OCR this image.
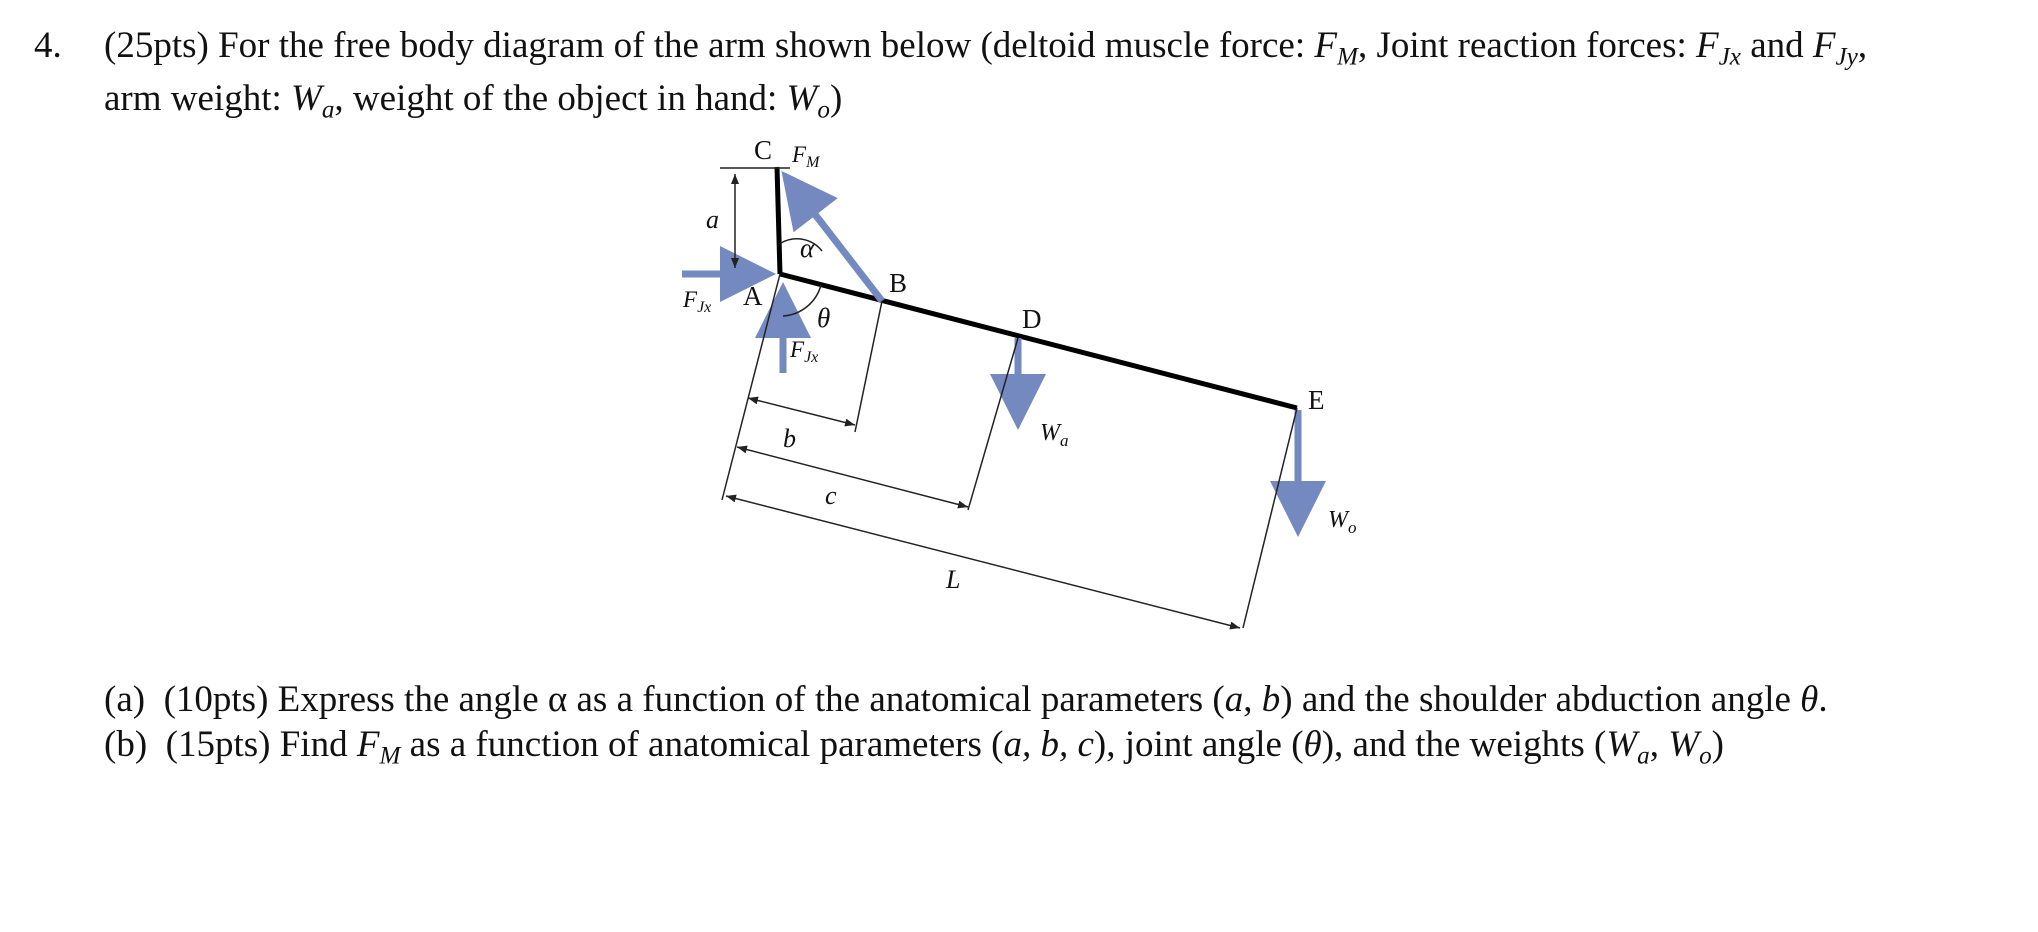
4. (25pts) For the free body diagram of the arm shown below (deltoid muscle force: $F_M$, Joint reaction forces: $F_{Jx}$ and $F_{Jy}$,
arm weight: $W_a$, weight of the object in hand: $W_o$)
C
A	B
D
E
$F_M$
$F_{Jx}$
$F_{Jx}$
$W_a$
$W_o$
a
b
c
L
α
θ
(a) (10pts) Express the angle α as a function of the anatomical parameters (a, b) and the shoulder abduction angle θ.
(b) (15pts) Find $F_M$ as a function of anatomical parameters (a, b, c), joint angle (θ), and the weights ($W_a$, $W_o$)
